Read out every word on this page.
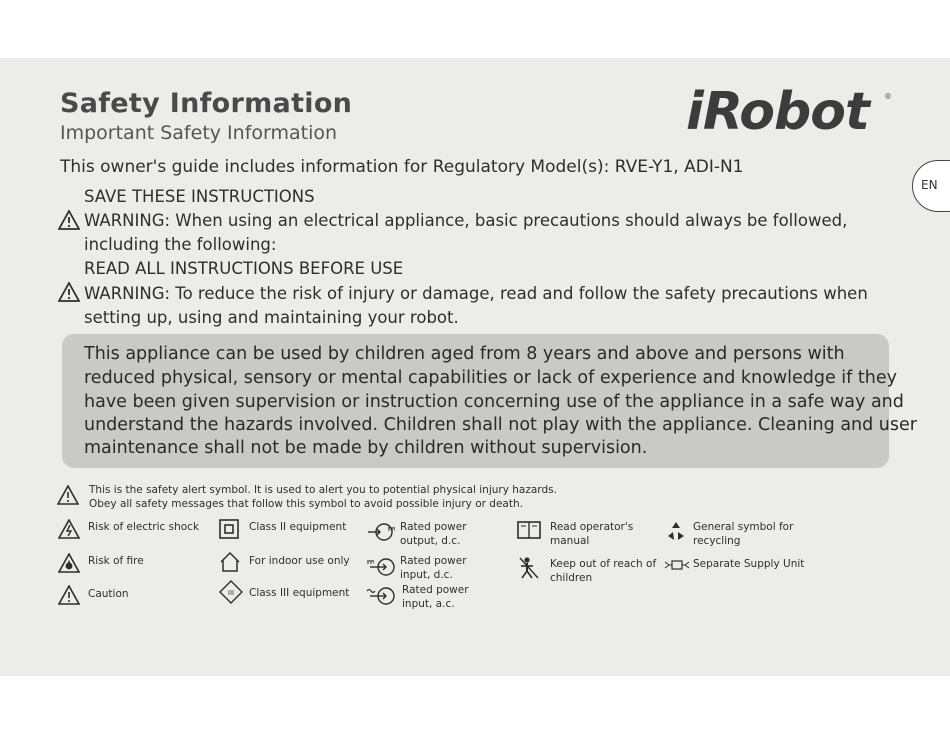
Safety Information
Important Safety Information	iRobot ®
EN
This owner's guide includes information for Regulatory Model(s): RVE-Y1, ADI-N1
SAVE THESE INSTRUCTIONS
WARNING: When using an electrical appliance, basic precautions should always be followed,
including the following:
READ ALL INSTRUCTIONS BEFORE USE
WARNING: To reduce the risk of injury or damage, read and follow the safety precautions when
setting up, using and maintaining your robot.
This appliance can be used by children aged from 8 years and above and persons with
reduced physical, sensory or mental capabilities or lack of experience and knowledge if they
have been given supervision or instruction concerning use of the appliance in a safe way and
understand the hazards involved. Children shall not play with the appliance. Cleaning and user
maintenance shall not be made by children without supervision.
This is the safety alert symbol. It is used to alert you to potential physical injury hazards.
Obey all safety messages that follow this symbol to avoid possible injury or death.
Risk of electric shock
Risk of fire
Caution
Class II equipment
For indoor use only
III Class III equipment
Rated power
output, d.c.
Rated power
input, d.c.
Rated power
input, a.c.
Read operator's
manual
Keep out of reach of
children
General symbol for
recycling
Separate Supply Unit
